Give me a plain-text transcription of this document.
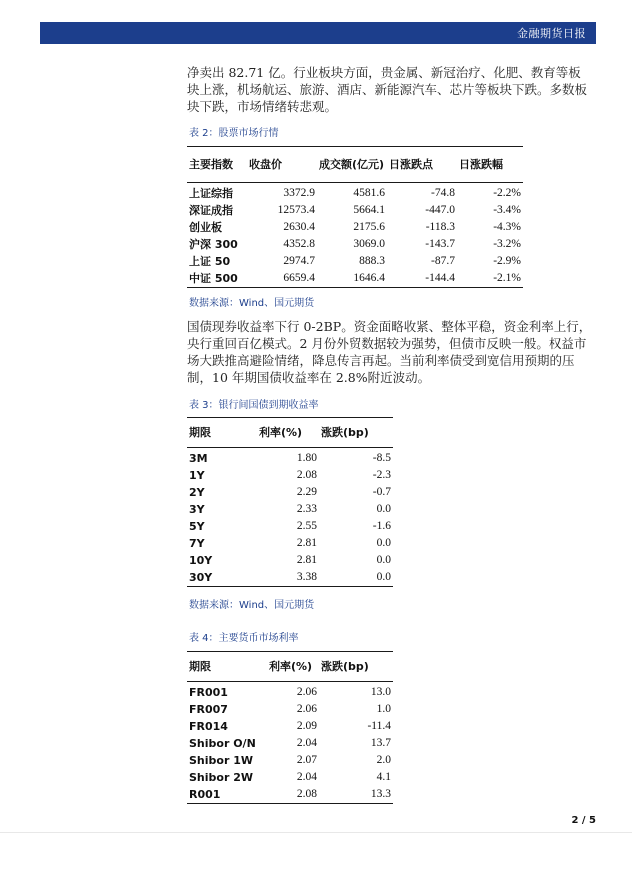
金融期货日报

净卖出 82.71 亿。行业板块方面，贵金属、新冠治疗、化肥、教育等板块上涨，机场航运、旅游、酒店、新能源汽车、芯片等板块下跌。多数板块下跌，市场情绪转悲观。

表 2：股票市场行情
主要指数	收盘价	成交额(亿元)	日涨跌点	日涨跌幅
上证综指	3372.9	4581.6	-74.8	-2.2%
深证成指	12573.4	5664.1	-447.0	-3.4%
创业板	2630.4	2175.6	-118.3	-4.3%
沪深 300	4352.8	3069.0	-143.7	-3.2%
上证 50	2974.7	888.3	-87.7	-2.9%
中证 500	6659.4	1646.4	-144.4	-2.1%
数据来源：Wind、国元期货

国债现券收益率下行 0-2BP。资金面略收紧、整体平稳，资金利率上行，央行重回百亿模式。2 月份外贸数据较为强势，但债市反映一般。权益市场大跌推高避险情绪，降息传言再起。当前利率债受到宽信用预期的压制，10 年期国债收益率在 2.8%附近波动。

表 3：银行间国债到期收益率
期限	利率(%)	涨跌(bp)
3M	1.80	-8.5
1Y	2.08	-2.3
2Y	2.29	-0.7
3Y	2.33	0.0
5Y	2.55	-1.6
7Y	2.81	0.0
10Y	2.81	0.0
30Y	3.38	0.0
数据来源：Wind、国元期货
表 4：主要货币市场利率
期限	利率(%)	涨跌(bp)
FR001	2.06	13.0
FR007	2.06	1.0
FR014	2.09	-11.4
Shibor O/N	2.04	13.7
Shibor 1W	2.07	2.0
Shibor 2W	2.04	4.1
R001	2.08	13.3
2 / 5
